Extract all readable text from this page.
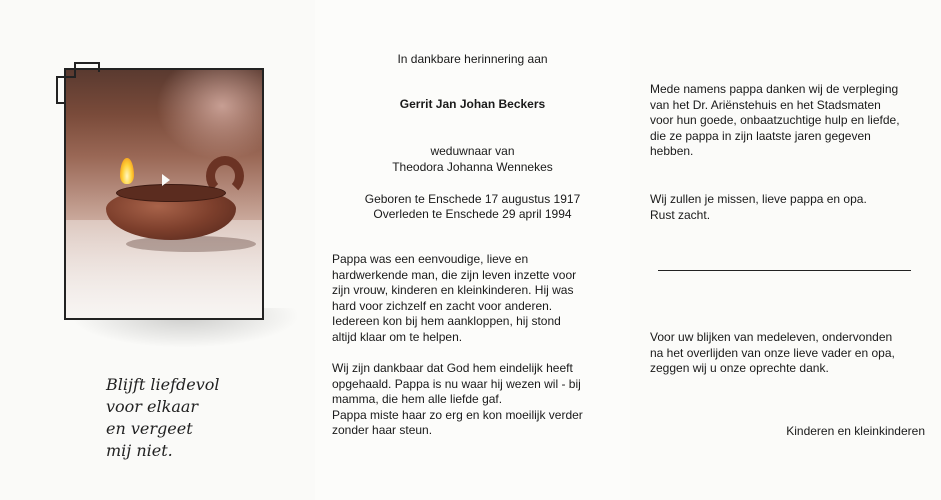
Blijft liefdevol
voor elkaar
en vergeet
mij niet.
In dankbare herinnering aan
Gerrit Jan Johan Beckers
weduwnaar van
Theodora Johanna Wennekes
Geboren te Enschede 17 augustus 1917
Overleden te Enschede 29 april 1994
Pappa was een eenvoudige, lieve en
hardwerkende man, die zijn leven inzette voor
zijn vrouw, kinderen en kleinkinderen. Hij was
hard voor zichzelf en zacht voor anderen.
Iedereen kon bij hem aankloppen, hij stond
altijd klaar om te helpen.
Wij zijn dankbaar dat God hem eindelijk heeft
opgehaald. Pappa is nu waar hij wezen wil - bij
mamma, die hem alle liefde gaf.
Pappa miste haar zo erg en kon moeilijk verder
zonder haar steun.
Mede namens pappa danken wij de verpleging
van het Dr. Ariënstehuis en het Stadsmaten
voor hun goede, onbaatzuchtige hulp en liefde,
die ze pappa in zijn laatste jaren gegeven
hebben.
Wij zullen je missen, lieve pappa en opa.
Rust zacht.
Voor uw blijken van medeleven, ondervonden
na het overlijden van onze lieve vader en opa,
zeggen wij u onze oprechte dank.
Kinderen en kleinkinderen
